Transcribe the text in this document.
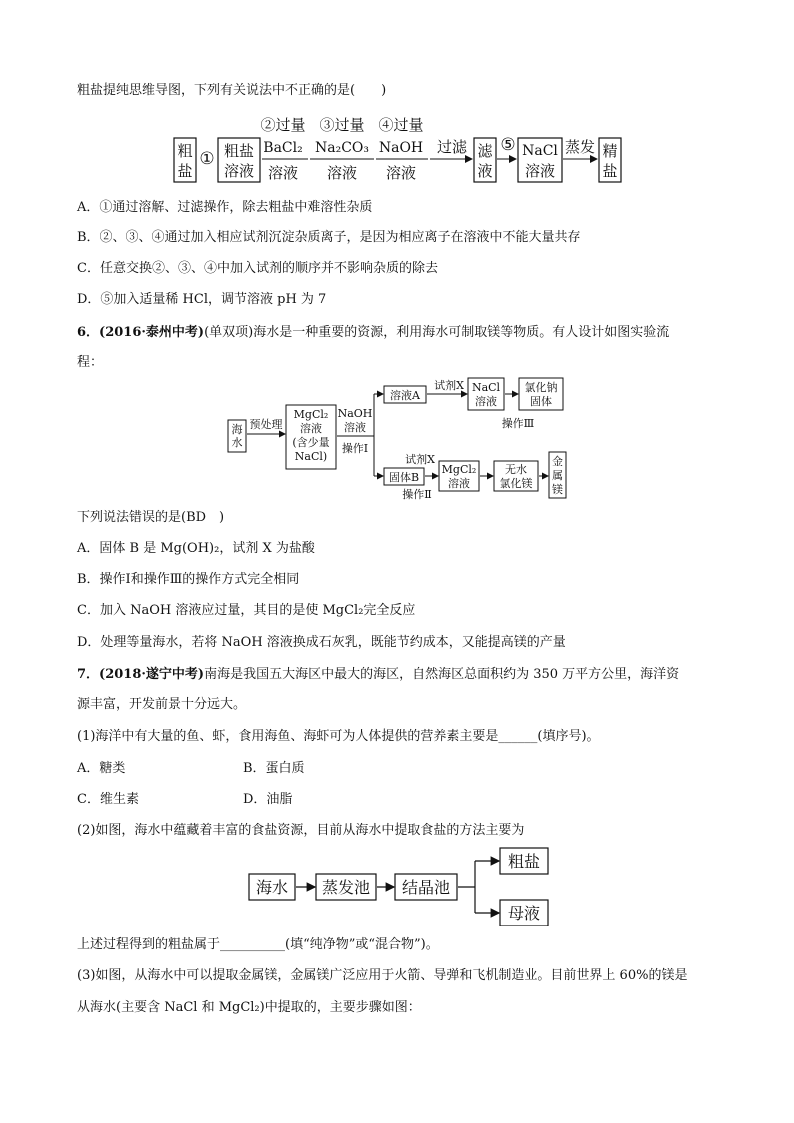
粗盐提纯思维导图，下列有关说法中不正确的是(　　)
粗盐
① 粗盐
溶液
②过量
BaCl₂
溶液
③过量
Na₂CO₃
溶液
④过量
NaOH
溶液
过滤 滤液
⑤ NaCl
溶液
蒸发 精盐
A．①通过溶解、过滤操作，除去粗盐中难溶性杂质
B．②、③、④通过加入相应试剂沉淀杂质离子，是因为相应离子在溶液中不能大量共存
C．任意交换②、③、④中加入试剂的顺序并不影响杂质的除去
D．⑤加入适量稀 HCl，调节溶液 pH 为 7
6．(2016·泰州中考)(单双项)海水是一种重要的资源，利用海水可制取镁等物质。有人设计如图实验流
程：
海水
预处理
MgCl₂
溶液
(含少量
NaCl)
NaOH
溶液
操作Ⅰ
溶液A
试剂X NaCl
溶液
氯化钠
固体
操作Ⅲ
试剂X
固体B
操作Ⅱ
MgCl₂
溶液
无水
氯化镁
金
属
镁
下列说法错误的是(BD　)
A．固体 B 是 Mg(OH)₂，试剂 X 为盐酸
B．操作Ⅰ和操作Ⅲ的操作方式完全相同
C．加入 NaOH 溶液应过量，其目的是使 MgCl₂完全反应
D．处理等量海水，若将 NaOH 溶液换成石灰乳，既能节约成本，又能提高镁的产量
7．(2018·遂宁中考)南海是我国五大海区中最大的海区，自然海区总面积约为 350 万平方公里，海洋资
源丰富，开发前景十分远大。
(1)海洋中有大量的鱼、虾，食用海鱼、海虾可为人体提供的营养素主要是______(填序号)。
A．糖类	B．蛋白质
C．维生素	D．油脂
(2)如图，海水中蕴藏着丰富的食盐资源，目前从海水中提取食盐的方法主要为
海水 蒸发池 结晶池
粗盐
母液
上述过程得到的粗盐属于__________(填“纯净物”或“混合物”)。
(3)如图，从海水中可以提取金属镁，金属镁广泛应用于火箭、导弹和飞机制造业。目前世界上 60%的镁是
从海水(主要含 NaCl 和 MgCl₂)中提取的，主要步骤如图：
